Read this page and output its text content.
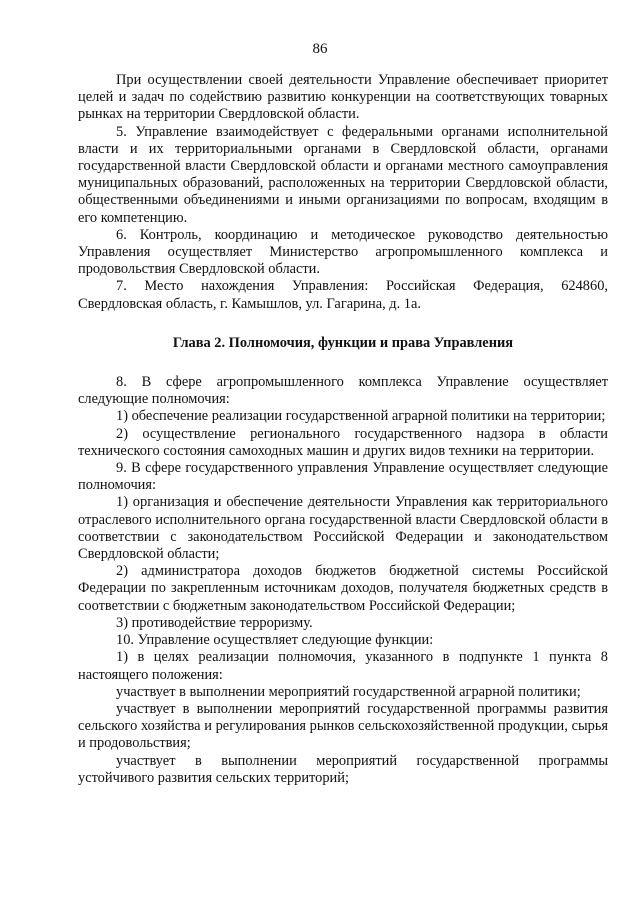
86

При осуществлении своей деятельности Управление обеспечивает приоритет целей и задач по содействию развитию конкуренции на соответствующих товарных рынках на территории Свердловской области.

5. Управление взаимодействует с федеральными органами исполнительной власти и их территориальными органами в Свердловской области, органами государственной власти Свердловской области и органами местного самоуправления муниципальных образований, расположенных на территории Свердловской области, общественными объединениями и иными организациями по вопросам, входящим в его компетенцию.

6. Контроль, координацию и методическое руководство деятельностью Управления осуществляет Министерство агропромышленного комплекса и продовольствия Свердловской области.

7. Место нахождения Управления: Российская Федерация, 624860, Свердловская область, г. Камышлов, ул. Гагарина, д. 1а.

Глава 2. Полномочия, функции и права Управления

8. В сфере агропромышленного комплекса Управление осуществляет следующие полномочия:

1) обеспечение реализации государственной аграрной политики на территории;

2) осуществление регионального государственного надзора в области технического состояния самоходных машин и других видов техники на территории.

9. В сфере государственного управления Управление осуществляет следующие полномочия:

1) организация и обеспечение деятельности Управления как территориального отраслевого исполнительного органа государственной власти Свердловской области в соответствии с законодательством Российской Федерации и законодательством Свердловской области;

2) администратора доходов бюджетов бюджетной системы Российской Федерации по закрепленным источникам доходов, получателя бюджетных средств в соответствии с бюджетным законодательством Российской Федерации;

3) противодействие терроризму.

10. Управление осуществляет следующие функции:

1) в целях реализации полномочия, указанного в подпункте 1 пункта 8 настоящего положения:

участвует в выполнении мероприятий государственной аграрной политики;

участвует в выполнении мероприятий государственной программы развития сельского хозяйства и регулирования рынков сельскохозяйственной продукции, сырья и продовольствия;

участвует в выполнении мероприятий государственной программы устойчивого развития сельских территорий;
